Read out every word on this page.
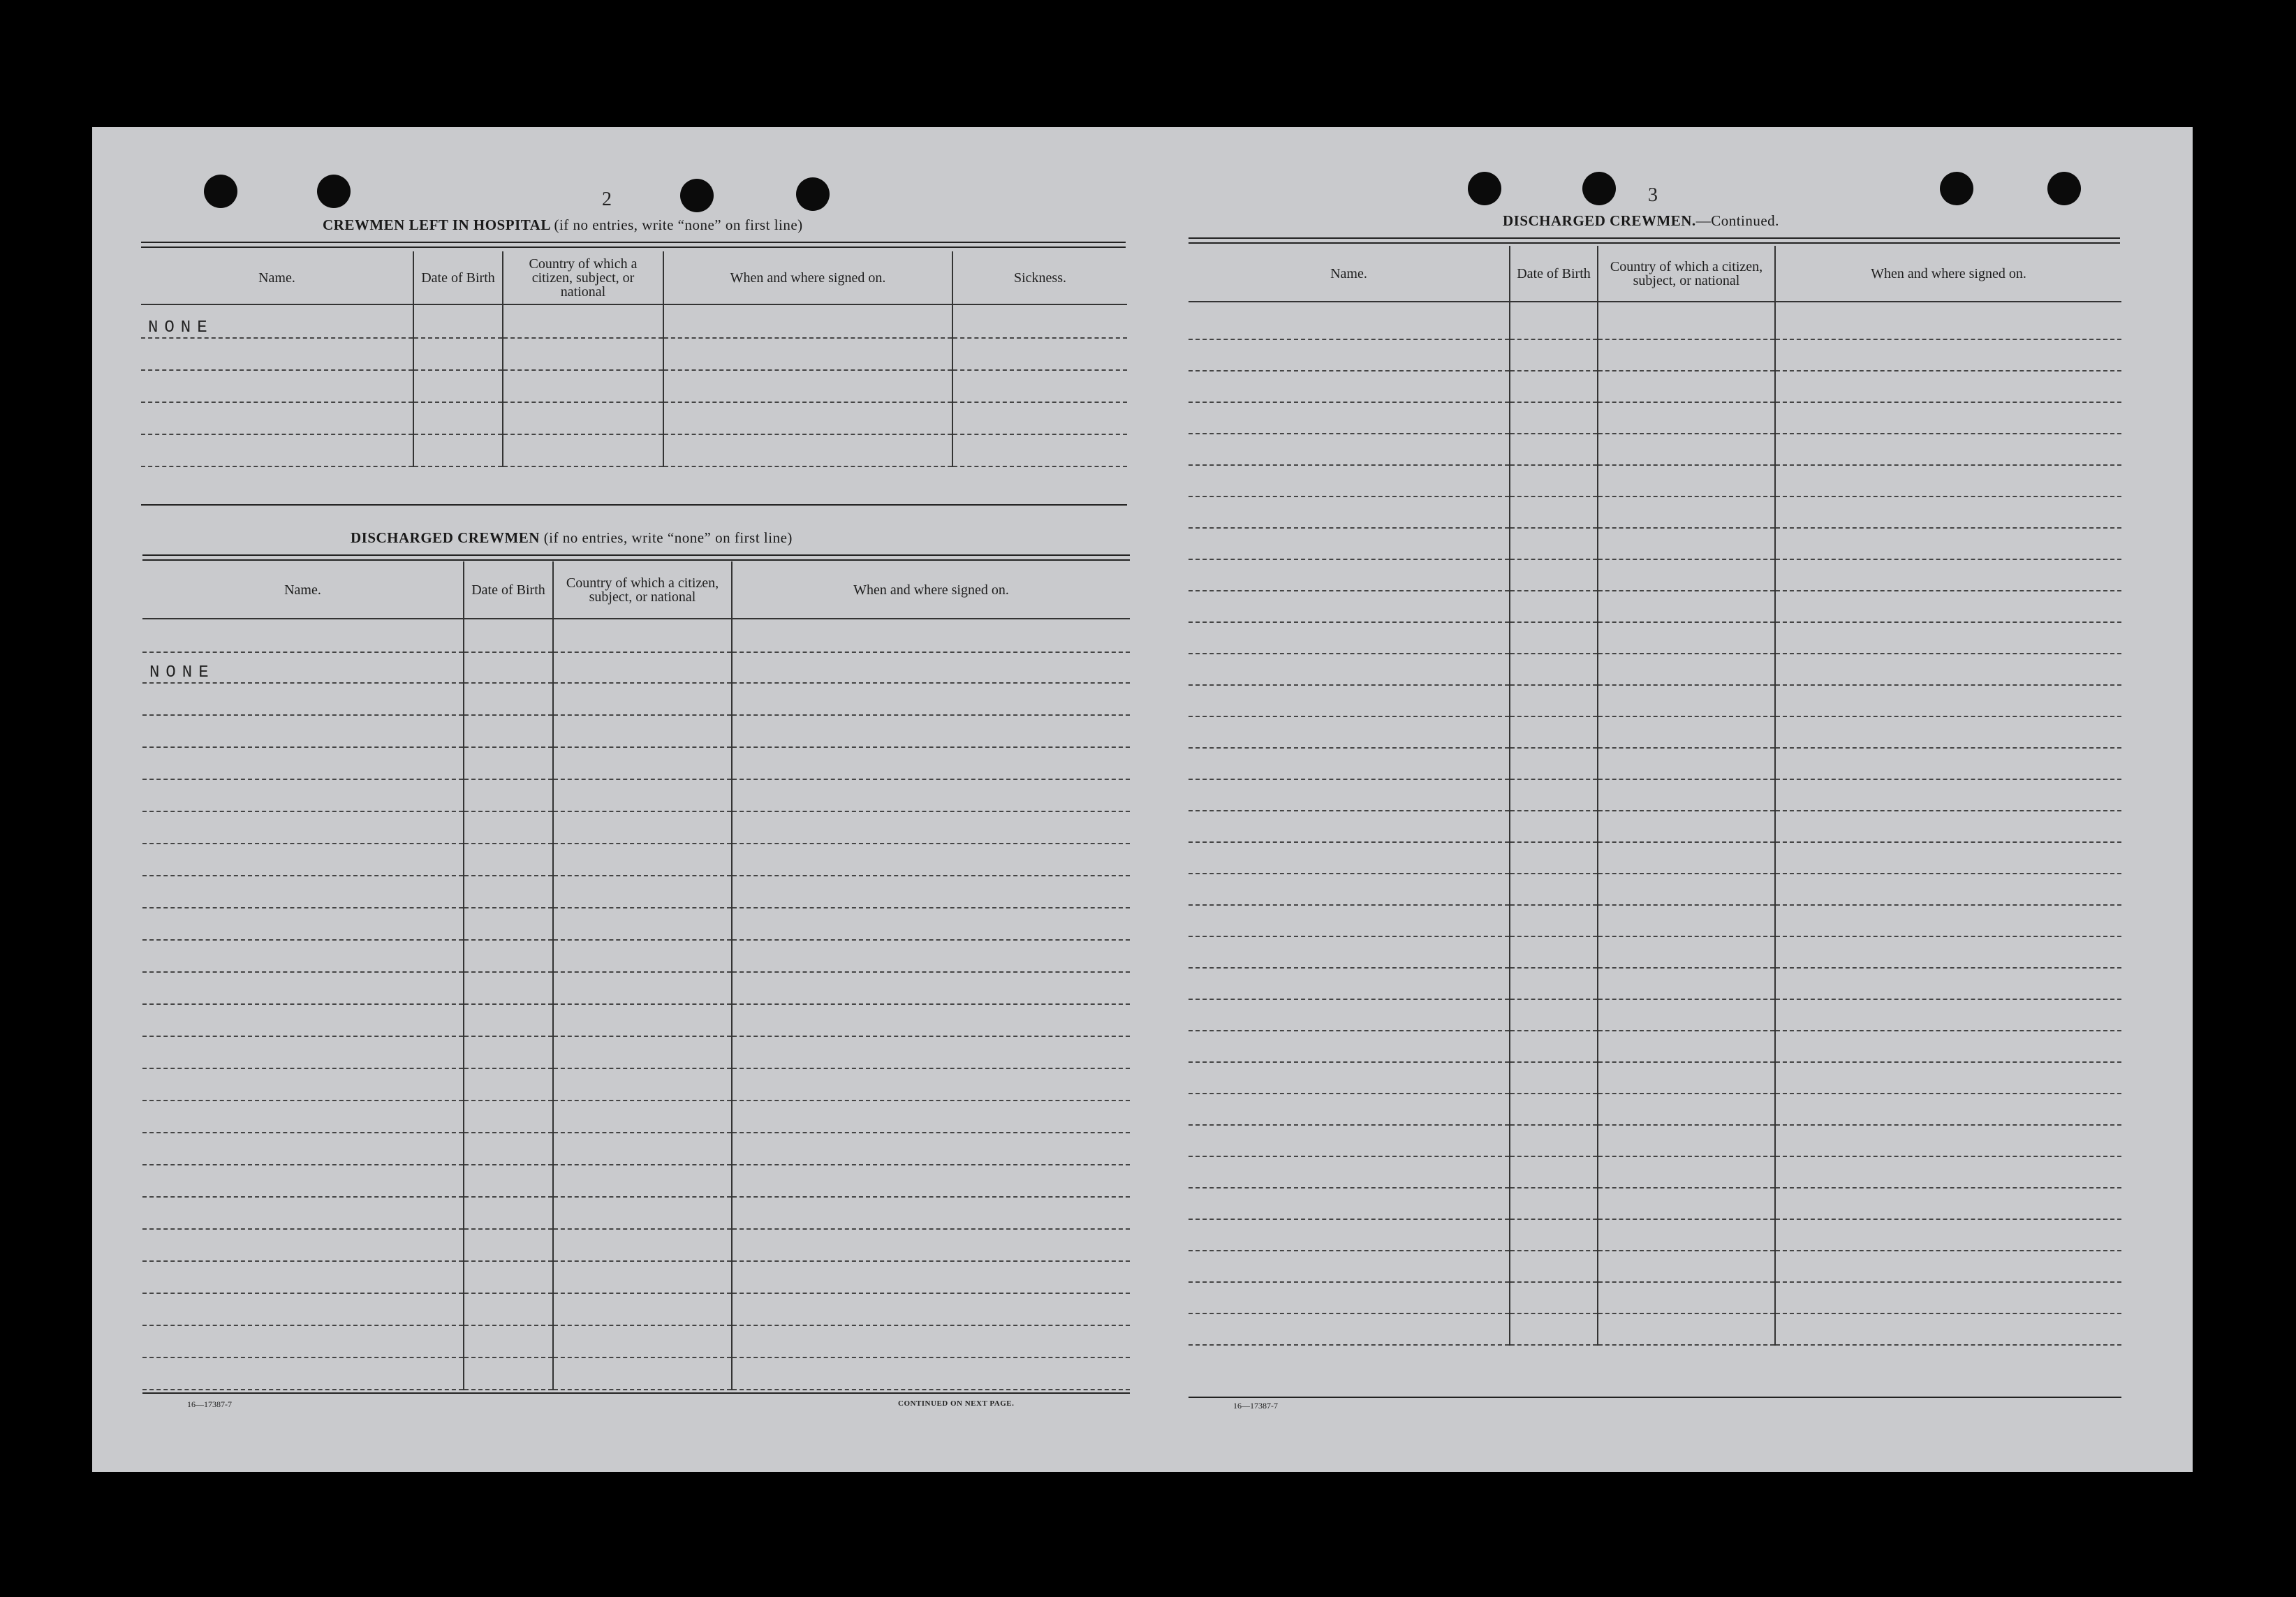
2
CREWMEN LEFT IN HOSPITAL (if no entries, write “none” on first line)
Name.	Date of Birth	Country of which a citizen, subject, or national	When and where signed on.	Sickness.
NONE				

DISCHARGED CREWMEN (if no entries, write “none” on first line)
Name.	Date of Birth	Country of which a citizen, subject, or national	When and where signed on.

NONE			

16—17387-7	CONTINUED ON NEXT PAGE.
3
DISCHARGED CREWMEN.—Continued.
Name.	Date of Birth	Country of which a citizen, subject, or national	When and where signed on.

16—17387-7
